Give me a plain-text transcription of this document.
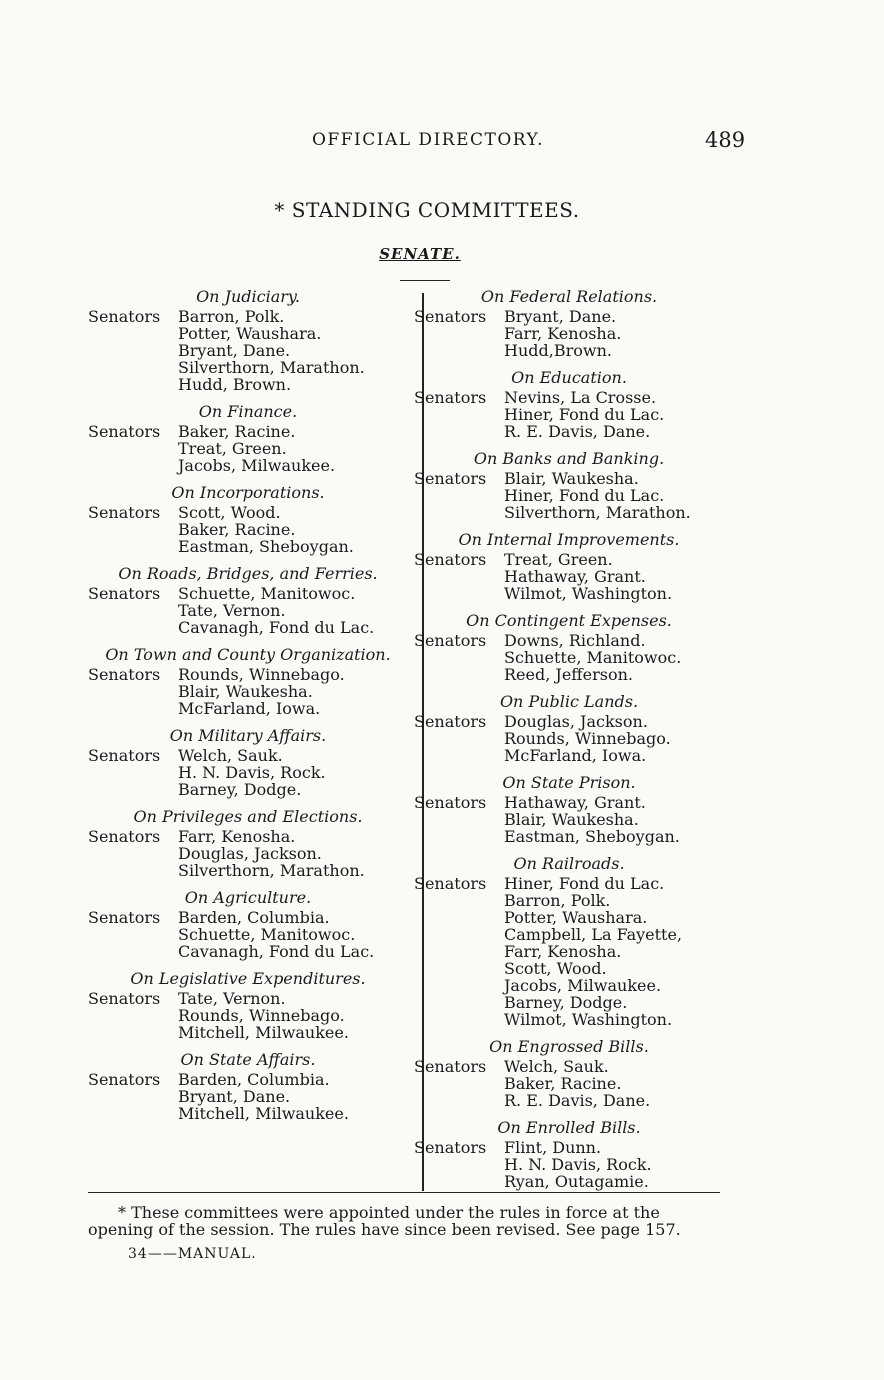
OFFICIAL DIRECTORY.	489
* STANDING COMMITTEES.
SENATE.
On Judiciary.
Senators	Barron, Polk.
Potter, Waushara.
Bryant, Dane.
Silverthorn, Marathon.
Hudd, Brown.
On Finance.
Senators	Baker, Racine.
Treat, Green.
Jacobs, Milwaukee.
On Incorporations.
Senators	Scott, Wood.
Baker, Racine.
Eastman, Sheboygan.
On Roads, Bridges, and Ferries.
Senators	Schuette, Manitowoc.
Tate, Vernon.
Cavanagh, Fond du Lac.
On Town and County Organization.
Senators	Rounds, Winnebago.
Blair, Waukesha.
McFarland, Iowa.
On Military Affairs.
Senators	Welch, Sauk.
H. N. Davis, Rock.
Barney, Dodge.
On Privileges and Elections.
Senators	Farr, Kenosha.
Douglas, Jackson.
Silverthorn, Marathon.
On Agriculture.
Senators	Barden, Columbia.
Schuette, Manitowoc.
Cavanagh, Fond du Lac.
On Legislative Expenditures.
Senators	Tate, Vernon.
Rounds, Winnebago.
Mitchell, Milwaukee.
On State Affairs.
Senators	Barden, Columbia.
Bryant, Dane.
Mitchell, Milwaukee.
On Federal Relations.
Senators	Bryant, Dane.
Farr, Kenosha.
Hudd,Brown.
On Education.
Senators	Nevins, La Crosse.
Hiner, Fond du Lac.
R. E. Davis, Dane.
On Banks and Banking.
Senators	Blair, Waukesha.
Hiner, Fond du Lac.
Silverthorn, Marathon.
On Internal Improvements.
Senators	Treat, Green.
Hathaway, Grant.
Wilmot, Washington.
On Contingent Expenses.
Senators	Downs, Richland.
Schuette, Manitowoc.
Reed, Jefferson.
On Public Lands.
Senators	Douglas, Jackson.
Rounds, Winnebago.
McFarland, Iowa.
On State Prison.
Senators	Hathaway, Grant.
Blair, Waukesha.
Eastman, Sheboygan.
On Railroads.
Senators	Hiner, Fond du Lac.
Barron, Polk.
Potter, Waushara.
Campbell, La Fayette,
Farr, Kenosha.
Scott, Wood.
Jacobs, Milwaukee.
Barney, Dodge.
Wilmot, Washington.
On Engrossed Bills.
Senators	Welch, Sauk.
Baker, Racine.
R. E. Davis, Dane.
On Enrolled Bills.
Senators	Flint, Dunn.
H. N. Davis, Rock.
Ryan, Outagamie.
* These committees were appointed under the rules in force at the
opening of the session. The rules have since been revised. See page 157.
34——MANUAL.
